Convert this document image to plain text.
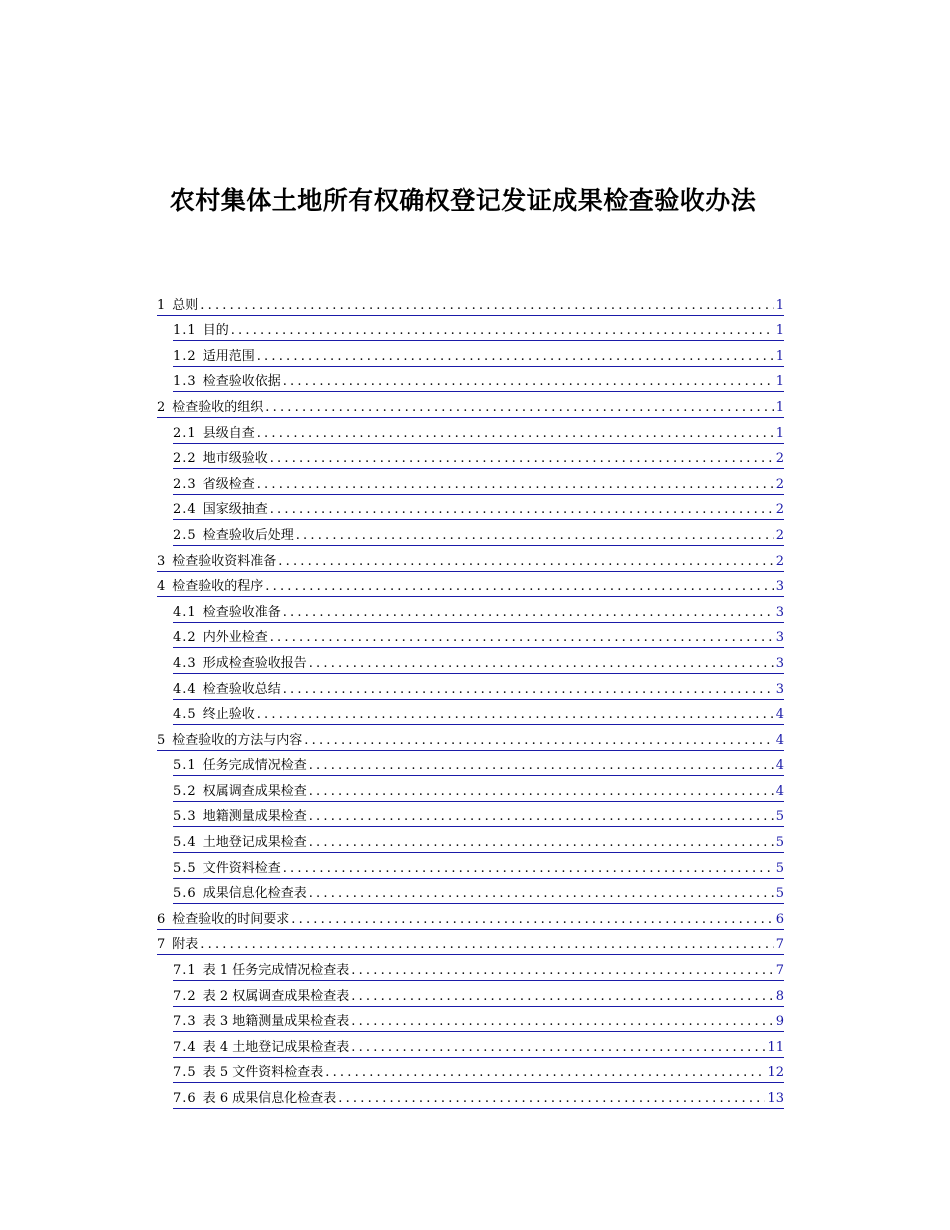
农村集体土地所有权确权登记发证成果检查验收办法
1 总则 .....	1
1.1 目的 .....	1
1.2 适用范围 .....	1
1.3 检查验收依据 .....	1
2 检查验收的组织 .....	1
2.1 县级自查 .....	1
2.2 地市级验收 .....	2
2.3 省级检查 .....	2
2.4 国家级抽查 .....	2
2.5 检查验收后处理 .....	2
3 检查验收资料准备 .....	2
4 检查验收的程序 .....	3
4.1 检查验收准备 .....	3
4.2 内外业检查 .....	3
4.3 形成检查验收报告 .....	3
4.4 检查验收总结 .....	3
4.5 终止验收 .....	4
5 检查验收的方法与内容 .....	4
5.1 任务完成情况检查 .....	4
5.2 权属调查成果检查 .....	4
5.3 地籍测量成果检查 .....	5
5.4 土地登记成果检查 .....	5
5.5 文件资料检查 .....	5
5.6 成果信息化检查表 .....	5
6 检查验收的时间要求 .....	6
7 附表 .....	7
7.1 表 1 任务完成情况检查表 .....	7
7.2 表 2 权属调查成果检查表 .....	8
7.3 表 3 地籍测量成果检查表 .....	9
7.4 表 4 土地登记成果检查表 .....	11
7.5 表 5 文件资料检查表 .....	12
7.6 表 6 成果信息化检查表 .....	13
